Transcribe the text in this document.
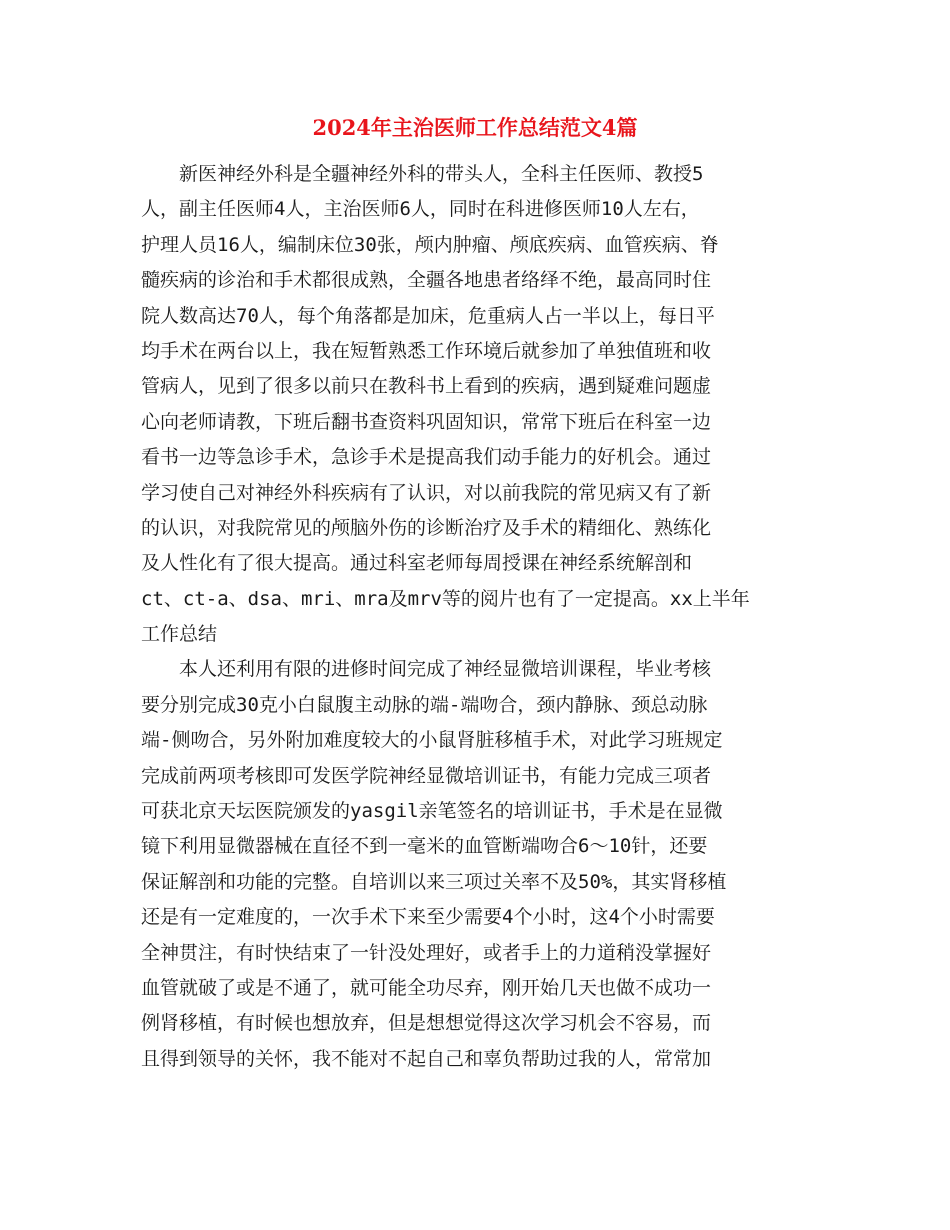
2024年主治医师工作总结范文4篇
　　新医神经外科是全疆神经外科的带头人，全科主任医师、教授5
人，副主任医师4人，主治医师6人，同时在科进修医师10人左右，
护理人员16人，编制床位30张，颅内肿瘤、颅底疾病、血管疾病、脊
髓疾病的诊治和手术都很成熟，全疆各地患者络绎不绝，最高同时住
院人数高达70人，每个角落都是加床，危重病人占一半以上，每日平
均手术在两台以上，我在短暂熟悉工作环境后就参加了单独值班和收
管病人，见到了很多以前只在教科书上看到的疾病，遇到疑难问题虚
心向老师请教，下班后翻书查资料巩固知识，常常下班后在科室一边
看书一边等急诊手术，急诊手术是提高我们动手能力的好机会。通过
学习使自己对神经外科疾病有了认识，对以前我院的常见病又有了新
的认识，对我院常见的颅脑外伤的诊断治疗及手术的精细化、熟练化
及人性化有了很大提高。通过科室老师每周授课在神经系统解剖和
ct、ct-a、dsa、mri、mra及mrv等的阅片也有了一定提高。xx上半年
工作总结
　　本人还利用有限的进修时间完成了神经显微培训课程，毕业考核
要分别完成30克小白鼠腹主动脉的端-端吻合，颈内静脉、颈总动脉
端-侧吻合，另外附加难度较大的小鼠肾脏移植手术，对此学习班规定
完成前两项考核即可发医学院神经显微培训证书，有能力完成三项者
可获北京天坛医院颁发的yasgil亲笔签名的培训证书，手术是在显微
镜下利用显微器械在直径不到一毫米的血管断端吻合6～10针，还要
保证解剖和功能的完整。自培训以来三项过关率不及50%，其实肾移植
还是有一定难度的，一次手术下来至少需要4个小时，这4个小时需要
全神贯注，有时快结束了一针没处理好，或者手上的力道稍没掌握好
血管就破了或是不通了，就可能全功尽弃，刚开始几天也做不成功一
例肾移植，有时候也想放弃，但是想想觉得这次学习机会不容易，而
且得到领导的关怀，我不能对不起自己和辜负帮助过我的人，常常加
